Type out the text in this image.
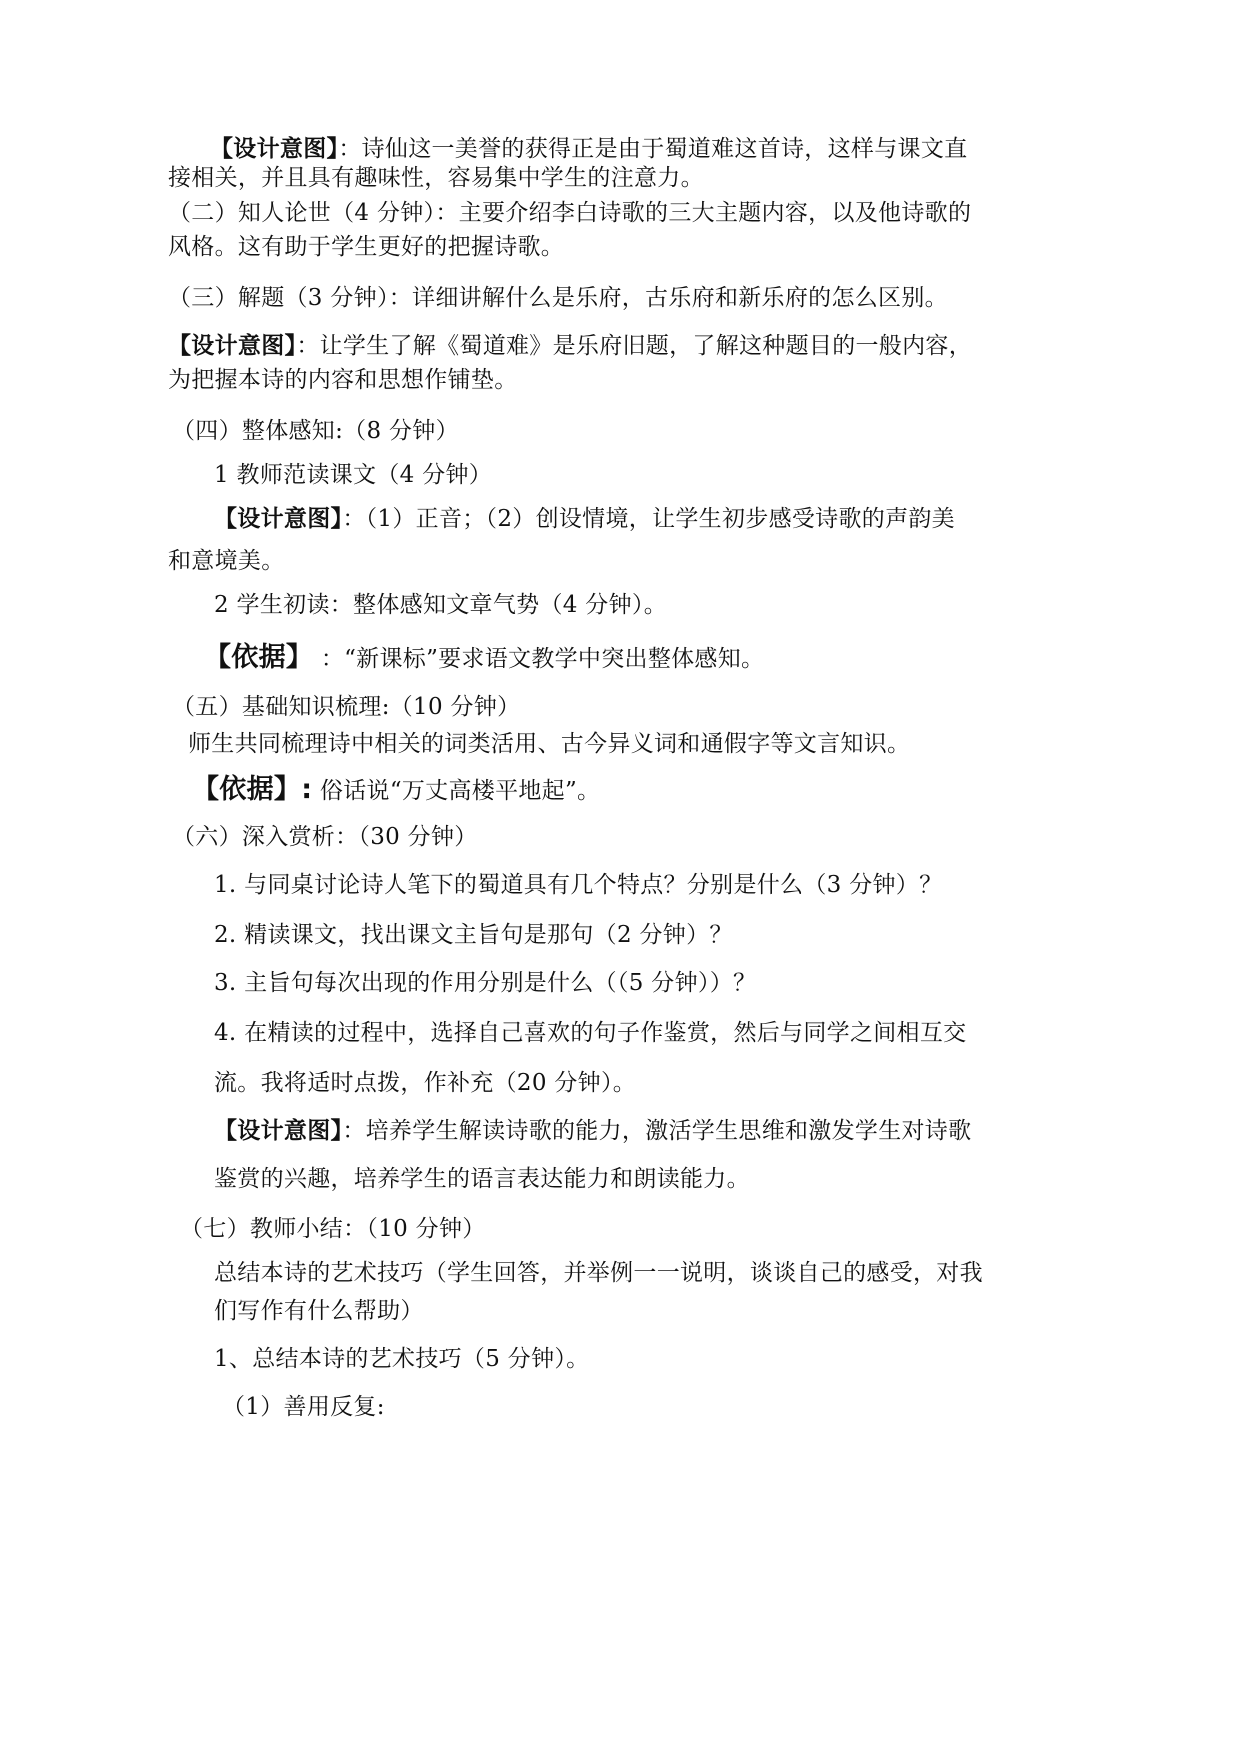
【设计意图】：诗仙这一美誉的获得正是由于蜀道难这首诗，这样与课文直
接相关，并且具有趣味性，容易集中学生的注意力。
（二）知人论世（4 分钟）：主要介绍李白诗歌的三大主题内容，以及他诗歌的
风格。这有助于学生更好的把握诗歌。
（三）解题（3 分钟）：详细讲解什么是乐府，古乐府和新乐府的怎么区别。
【设计意图】：让学生了解《蜀道难》是乐府旧题，了解这种题目的一般内容，
为把握本诗的内容和思想作铺垫。
（四）整体感知:（8 分钟）
1 教师范读课文（4 分钟）
【设计意图】：（1）正音；（2）创设情境，让学生初步感受诗歌的声韵美
和意境美。
2 学生初读：整体感知文章气势（4 分钟）。
【依据】 ：“新课标”要求语文教学中突出整体感知。
（五）基础知识梳理:（10 分钟）
师生共同梳理诗中相关的词类活用、古今异义词和通假字等文言知识。
【依据】: 俗话说“万丈高楼平地起”。
（六）深入赏析：（30 分钟）
1. 与同桌讨论诗人笔下的蜀道具有几个特点？分别是什么（3 分钟）？
2. 精读课文，找出课文主旨句是那句（2 分钟）？
3. 主旨句每次出现的作用分别是什么（（5 分钟））？
4. 在精读的过程中，选择自己喜欢的句子作鉴赏，然后与同学之间相互交
流。我将适时点拨，作补充（20 分钟）。
【设计意图】：培养学生解读诗歌的能力，激活学生思维和激发学生对诗歌
鉴赏的兴趣，培养学生的语言表达能力和朗读能力。
（七）教师小结：（10 分钟）
总结本诗的艺术技巧（学生回答，并举例一一说明，谈谈自己的感受，对我
们写作有什么帮助）
1、总结本诗的艺术技巧（5 分钟）。
（1）善用反复:
